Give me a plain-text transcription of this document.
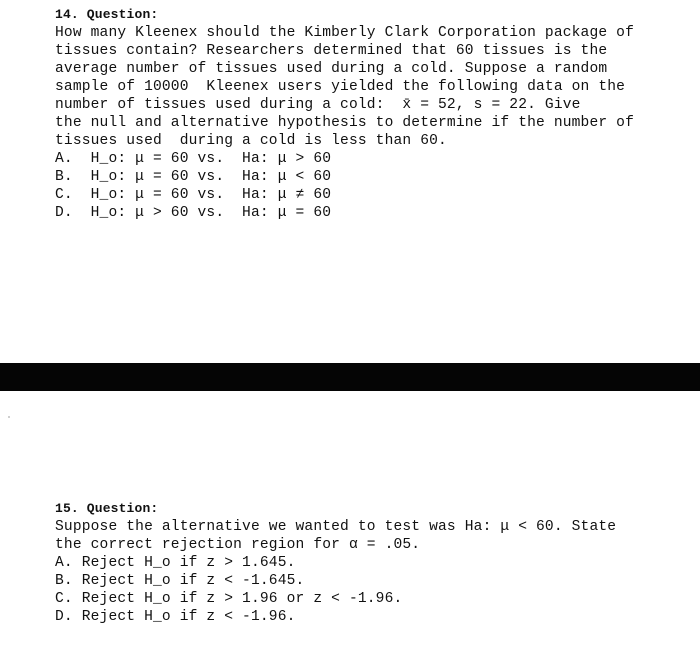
14. Question:
How many Kleenex should the Kimberly Clark Corporation package of
tissues contain? Researchers determined that 60 tissues is the
average number of tissues used during a cold. Suppose a random
sample of 10000  Kleenex users yielded the following data on the
number of tissues used during a cold:  x̄ = 52, s = 22. Give
the null and alternative hypothesis to determine if the number of
tissues used  during a cold is less than 60.
A.  H_o: μ = 60 vs.  Ha: μ > 60
B.  H_o: μ = 60 vs.  Ha: μ < 60
C.  H_o: μ = 60 vs.  Ha: μ ≠ 60
D.  H_o: μ > 60 vs.  Ha: μ = 60
15. Question:
Suppose the alternative we wanted to test was Ha: μ < 60. State
the correct rejection region for α = .05.
A. Reject H_o if z > 1.645.
B. Reject H_o if z < -1.645.
C. Reject H_o if z > 1.96 or z < -1.96.
D. Reject H_o if z < -1.96.
